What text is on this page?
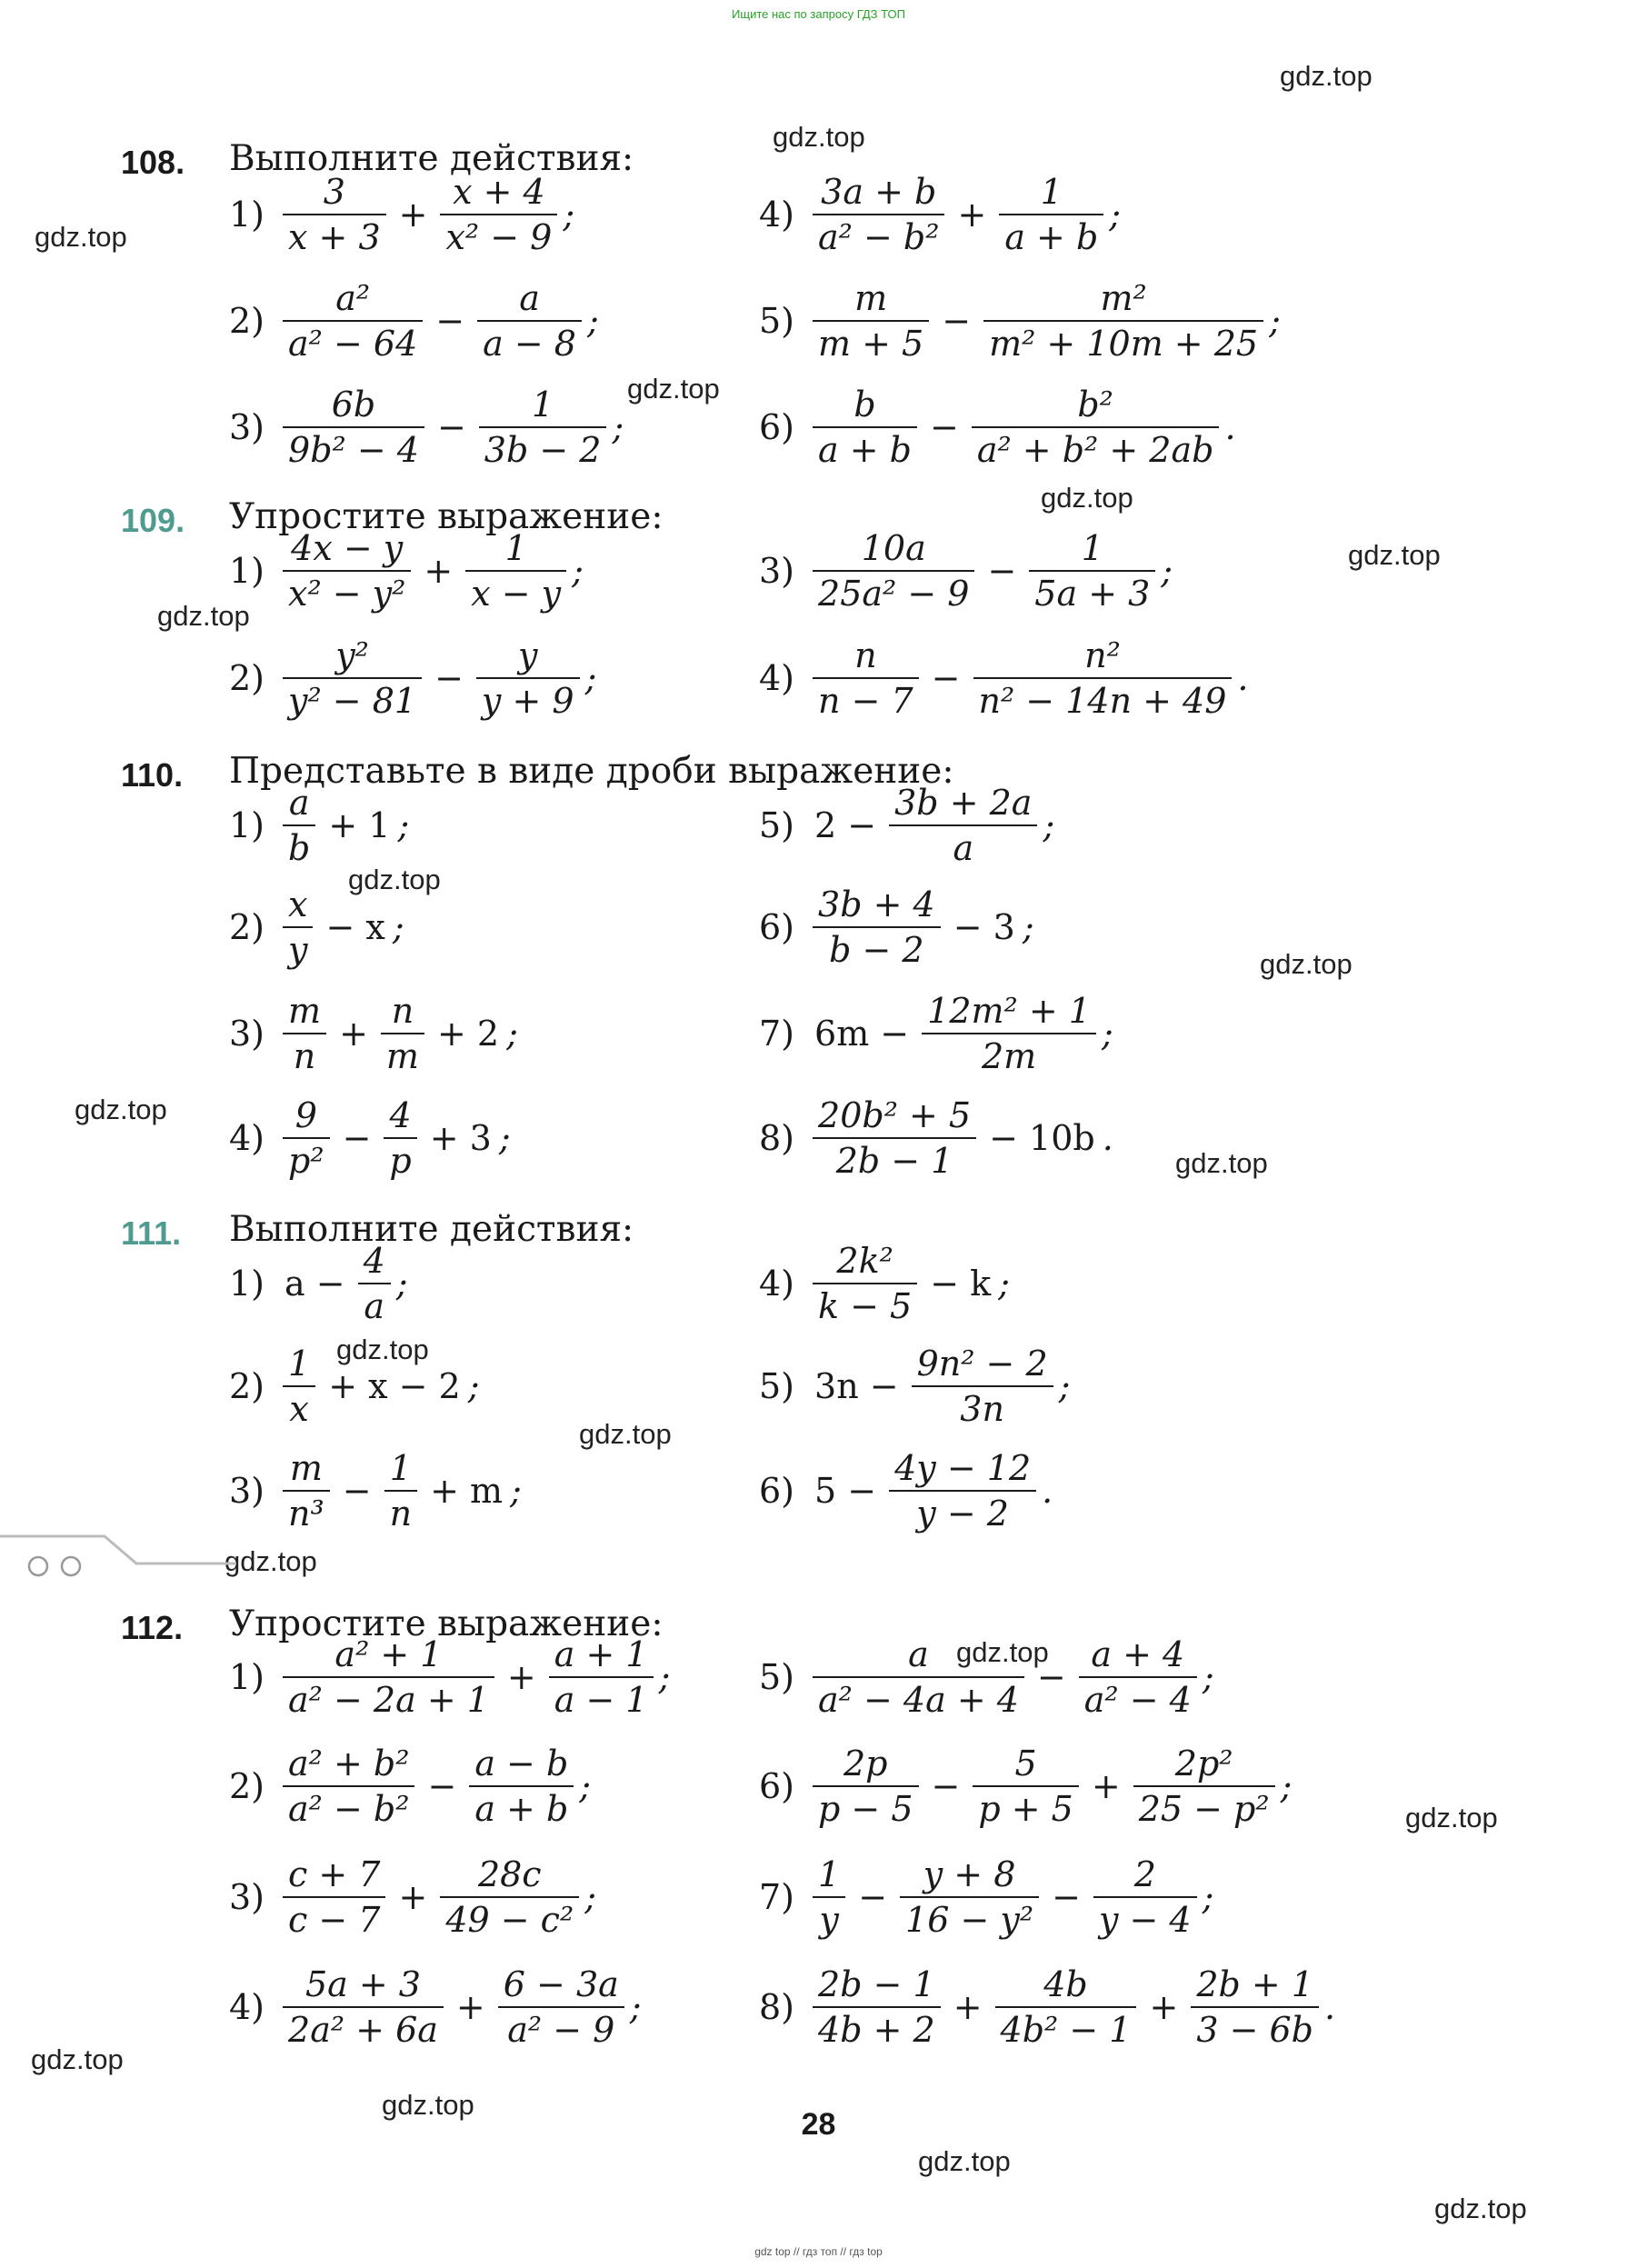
Ищите нас по запросу ГДЗ ТОП
gdz top // гдз топ // гдз top
gdz.top
gdz.top
gdz.top
gdz.top
gdz.top
gdz.top
gdz.top
gdz.top
gdz.top
gdz.top
gdz.top
gdz.top
gdz.top
gdz.top
gdz.top
gdz.top
gdz.top
gdz.top
gdz.top
gdz.top
108. Выполните действия:
$1) \frac{3}{x + 3} + \frac{x + 4}{\text{x² − 9}}$ ;
$2) \frac{\text{a²}}{\text{a² − 64}} - \frac{a}{a - 8}$ ;
$3) \frac{6b}{\text{9b² − 4}} - \frac{1}{3b - 2}$ ;
$4) \frac{3a + b}{\text{a² − b²}} + \frac{1}{a + b}$ ;
$5) \frac{m}{m + 5} - \frac{\text{m²}}{\text{m² + 10m + 25}}$ ;
$6) \frac{b}{a + b} - \frac{\text{b²}}{\text{a² + b² + 2ab}}$ .
109. Упростите выражение:
$1) \frac{4x - y}{\text{x² − y²}} + \frac{1}{x - y}$ ;
$2) \frac{\text{y²}}{\text{y² − 81}} - \frac{y}{y + 9}$ ;
$3) \frac{10a}{\text{25a² − 9}} - \frac{1}{5a + 3}$ ;
$4) \frac{n}{n - 7} - \frac{\text{n²}}{\text{n² − 14n + 49}}$ .
110. Представьте в виде дроби выражение:
$1) \frac{a}{b} + 1$ ;
$2) \frac{x}{y} - x$ ;
$3) \frac{m}{n} + \frac{n}{m} + 2$ ;
$4) \frac{9}{\text{p²}} - \frac{4}{p} + 3$ ;
5) $2 - \frac{3b + 2a}{a}$ ;
$6) \frac{3b + 4}{b - 2} - 3$ ;
7) $6m - \frac{\text{12m² + 1}}{2m}$ ;
$8) \frac{\text{20b² + 5}}{2b - 1} - 10b$ .
111. Выполните действия:
1) $a - \frac{4}{a}$ ;
$2) \frac{1}{x} + x - 2$ ;
$3) \frac{m}{\text{n³}} - \frac{1}{n} + m$ ;
$4) \frac{\text{2k²}}{k - 5} - k$ ;
5) $3n - \frac{\text{9n² − 2}}{3n}$ ;
6) $5 - \frac{4y - 12}{y - 2}$ .
112. Упростите выражение:
$1) \frac{\text{a² + 1}}{\text{a² − 2a + 1}} + \frac{a + 1}{a - 1}$ ;
$2) \frac{\text{a² + b²}}{\text{a² − b²}} - \frac{a - b}{a + b}$ ;
$3) \frac{c + 7}{c - 7} + \frac{28c}{\text{49 − c²}}$ ;
$4) \frac{5a + 3}{\text{2a² + 6a}} + \frac{6 - 3a}{\text{a² − 9}}$ ;
$5) \frac{a}{\text{a² − 4a + 4}} - \frac{a + 4}{\text{a² − 4}}$ ;
$6) \frac{2p}{p - 5} - \frac{5}{p + 5} + \frac{\text{2p²}}{\text{25 − p²}}$ ;
$7) \frac{1}{y} - \frac{y + 8}{\text{16 − y²}} - \frac{2}{y - 4}$ ;
$8) \frac{2b - 1}{4b + 2} + \frac{4b}{\text{4b² − 1}} + \frac{2b + 1}{3 - 6b}$ .
28
